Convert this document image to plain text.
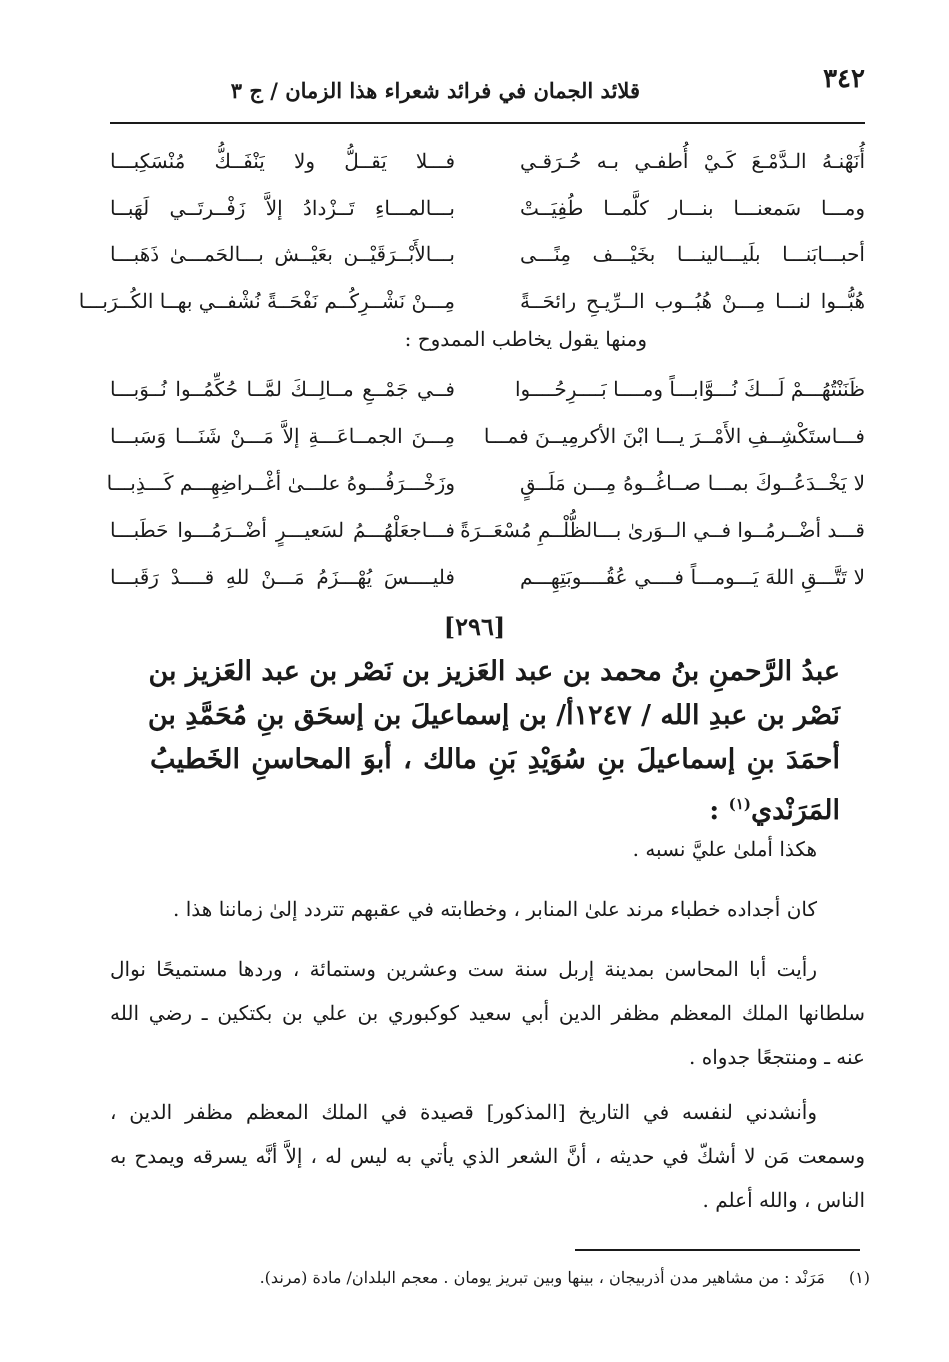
٣٤٢
قلائد الجمان في فرائد شعراء هذا الزمان / ج ٣
أُنَهْنـهُ الـدَّمْـعَ كَـيْ أُطفـي بـه حُـرَقـي
فـــلا يَقــلُّ ولا يَنْفَــكُّ مُنْسَكِبـــا
ومـــا سَمعنـــا بنـــار كلَّمــا طُفِيَــتْ
بـــالمـــاءِ تَــزْدادُ إلاَّ زَفْــرتَــي لَهَبــا
أحبـــابَنـــا بلَيـــالينـــا بخَيْـــف مِنًـــى
بـــالأَبْــرَقَيْــن بعَيْــش بـــالحَمـــىٰ ذَهَبـــا
هُبُّــوا لنـــا مِـــنْ هُبُــوب الــرِّيـحِ رائحَــةً
مِـــنْ نَشْــرِكُــم نَفْحَــةً نُشْفــي بهــا الكُــرَبـــا
ومنها يقول يخاطب الممدوح :
ظَنَنْتُهُـــمْ لَـــكَ نُـــوَّابـــاً ومــــا بَــــرِحُــــوا
فــي جَمْــعِ مــالِــكَ لمَّــا حُكِّمُــوا نُــوَبـــا
فـــاستَكْشِــفِ الأَمْــرَ يـــا ابْنَ الأكرمِيــنَ فمـــا
مِـــنَ الجمــاعَـــةِ إلاَّ مَـــنْ شَنَـــا وَسَبـــا
لا يَخْــدَعُــوكَ بمـــا صــاغُــوهُ مِـــن مَلَــقٍ
وزَخْـــرَفُـــوهُ علـــىٰ أغْــراضِهِـــم كَـــذِبـــا
قـــد أضْــرمُــوا فــي الــوَرىٰ بـــالظُّلْــمِ مُسْعَــرَةً
فـــاجعَلْهُـــمُ لسَعيـــرٍ أضْــرَمُـــوا حَطَبـــا
لا تَتَّـــقِ اللهَ يَـــومـــاً فــــي عُقُــــوبَتِهِـــم
فليــــسَ يُهْـــزَمُ مَـــنْ للهِ قــــدْ رَقَبـــا
[٢٩٦]
عبدُ الرَّحمنِ بنُ محمد بن عبد العَزيز بن نَصْر بن عبد العَزيز بن
نَصْر بن عبدِ الله / ١٢٤٧أ/ بن إسماعيلَ بن إسحَق بنِ مُحَمَّدِ بن
أحمَدَ بنِ إسماعيلَ بنِ سُوَيْدِ بَنِ مالك ، أبوَ المحاسنِ الخَطيبُ
المَرَنْدي$^{(١)}$ :
هكذا أملىٰ عليَّ نسبه .
كان أجداده خطباء مرند علىٰ المنابر ، وخطابته في عقبهم تتردد إلىٰ زماننا هذا .
رأيت أبا المحاسن بمدينة إربل سنة ست وعشرين وستمائة ، وردها مستميحًا نوال
سلطانها الملك المعظم مظفر الدين أبي سعيد كوكبوري بن علي بن بكتكين ـ رضي الله
عنه ـ ومنتجعًا جدواه .
وأنشدني لنفسه في التاريخ [المذكور] قصيدة في الملك المعظم مظفر الدين ،
وسمعت مَن لا أشكّ في حديثه ، أنَّ الشعر الذي يأتي به ليس له ، إلاَّ أنَّه يسرقه ويمدح به
الناس ، والله أعلم .
(١)مَرَنْد : من مشاهير مدن أذربيجان ، بينها وبين تبريز يومان . معجم البلدان/ مادة (مرند).
